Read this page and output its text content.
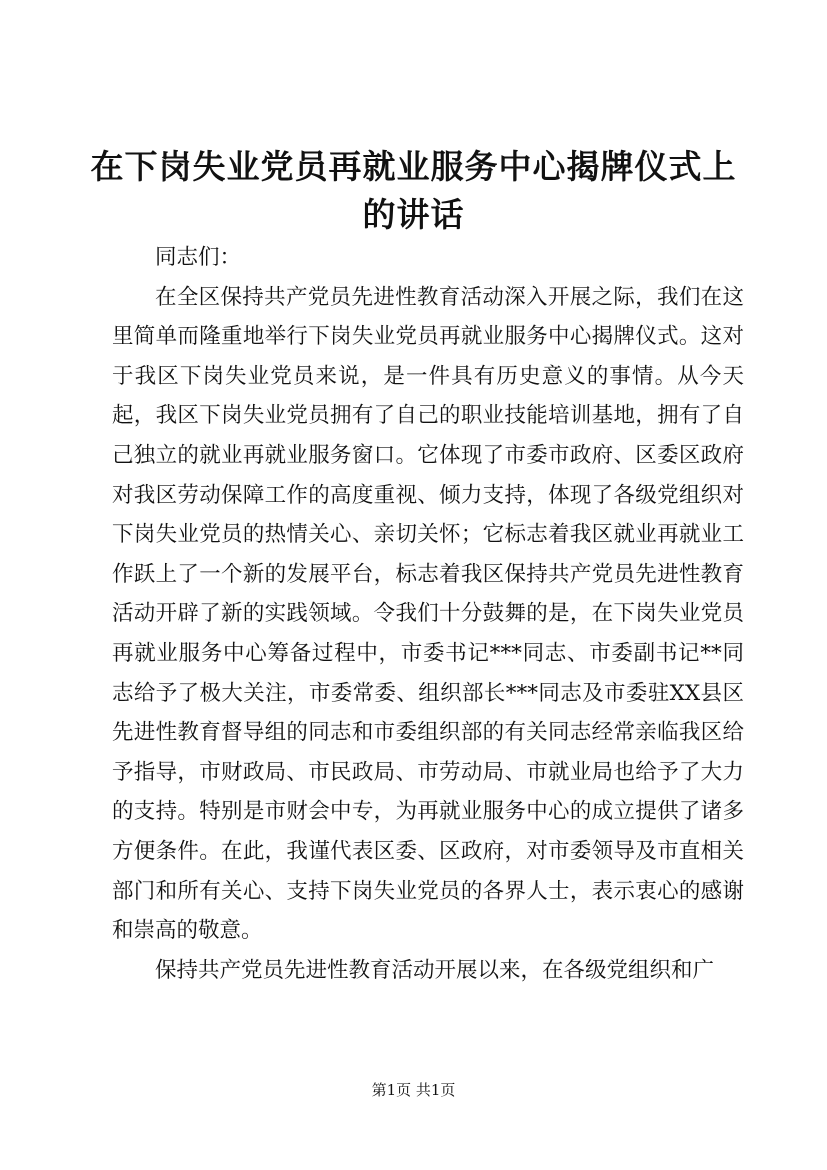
在下岗失业党员再就业服务中心揭牌仪式上的讲话

同志们：

在全区保持共产党员先进性教育活动深入开展之际，我们在这里简单而隆重地举行下岗失业党员再就业服务中心揭牌仪式。这对于我区下岗失业党员来说，是一件具有历史意义的事情。从今天起，我区下岗失业党员拥有了自己的职业技能培训基地，拥有了自己独立的就业再就业服务窗口。它体现了市委市政府、区委区政府对我区劳动保障工作的高度重视、倾力支持，体现了各级党组织对下岗失业党员的热情关心、亲切关怀；它标志着我区就业再就业工作跃上了一个新的发展平台，标志着我区保持共产党员先进性教育活动开辟了新的实践领域。令我们十分鼓舞的是，在下岗失业党员再就业服务中心筹备过程中，市委书记***同志、市委副书记**同志给予了极大关注，市委常委、组织部长***同志及市委驻XX县区先进性教育督导组的同志和市委组织部的有关同志经常亲临我区给予指导，市财政局、市民政局、市劳动局、市就业局也给予了大力的支持。特别是市财会中专，为再就业服务中心的成立提供了诸多方便条件。在此，我谨代表区委、区政府，对市委领导及市直相关部门和所有关心、支持下岗失业党员的各界人士，表示衷心的感谢和崇高的敬意。

保持共产党员先进性教育活动开展以来，在各级党组织和广

第1页 共1页
